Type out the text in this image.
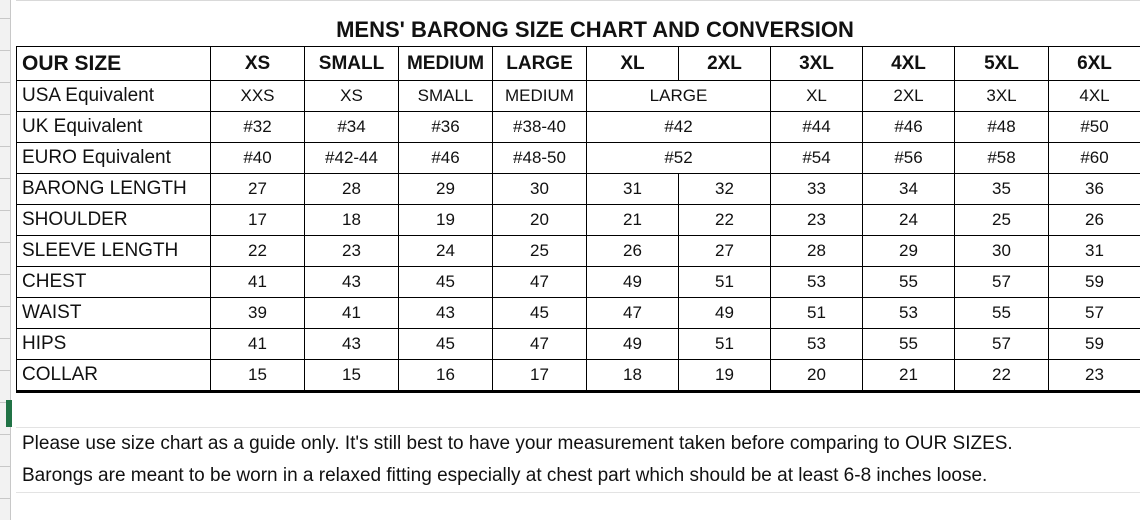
MENS' BARONG SIZE CHART AND CONVERSION
OUR SIZE	XS	SMALL	MEDIUM	LARGE	XL	2XL	3XL	4XL	5XL	6XL
USA Equivalent	XXS	XS	SMALL	MEDIUM	LARGE		XL	2XL	3XL	4XL
UK Equivalent	#32	#34	#36	#38-40	#42		#44	#46	#48	#50
EURO Equivalent	#40	#42-44	#46	#48-50	#52		#54	#56	#58	#60
BARONG LENGTH	27	28	29	30	31	32	33	34	35	36
SHOULDER	17	18	19	20	21	22	23	24	25	26
SLEEVE LENGTH	22	23	24	25	26	27	28	29	30	31
CHEST	41	43	45	47	49	51	53	55	57	59
WAIST	39	41	43	45	47	49	51	53	55	57
HIPS	41	43	45	47	49	51	53	55	57	59
COLLAR	15	15	16	17	18	19	20	21	22	23
Please use size chart as a guide only. It's still best to have your measurement taken before comparing to OUR SIZES.
Barongs are meant to be worn in a relaxed fitting especially at chest part which should be at least 6-8 inches loose.
